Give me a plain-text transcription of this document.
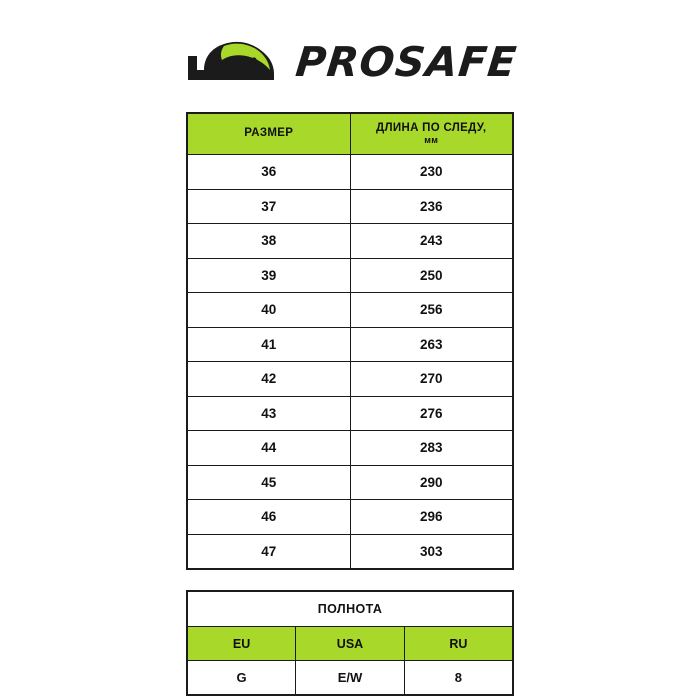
PROSAFE
РАЗМЕР	ДЛИНА ПО СЛЕДУ,
мм

36	230
37	236
38	243
39	250
40	256
41	263
42	270
43	276
44	283
45	290
46	296
47	303
ПОЛНОТА		
EU	USA	RU
G	E/W	8
